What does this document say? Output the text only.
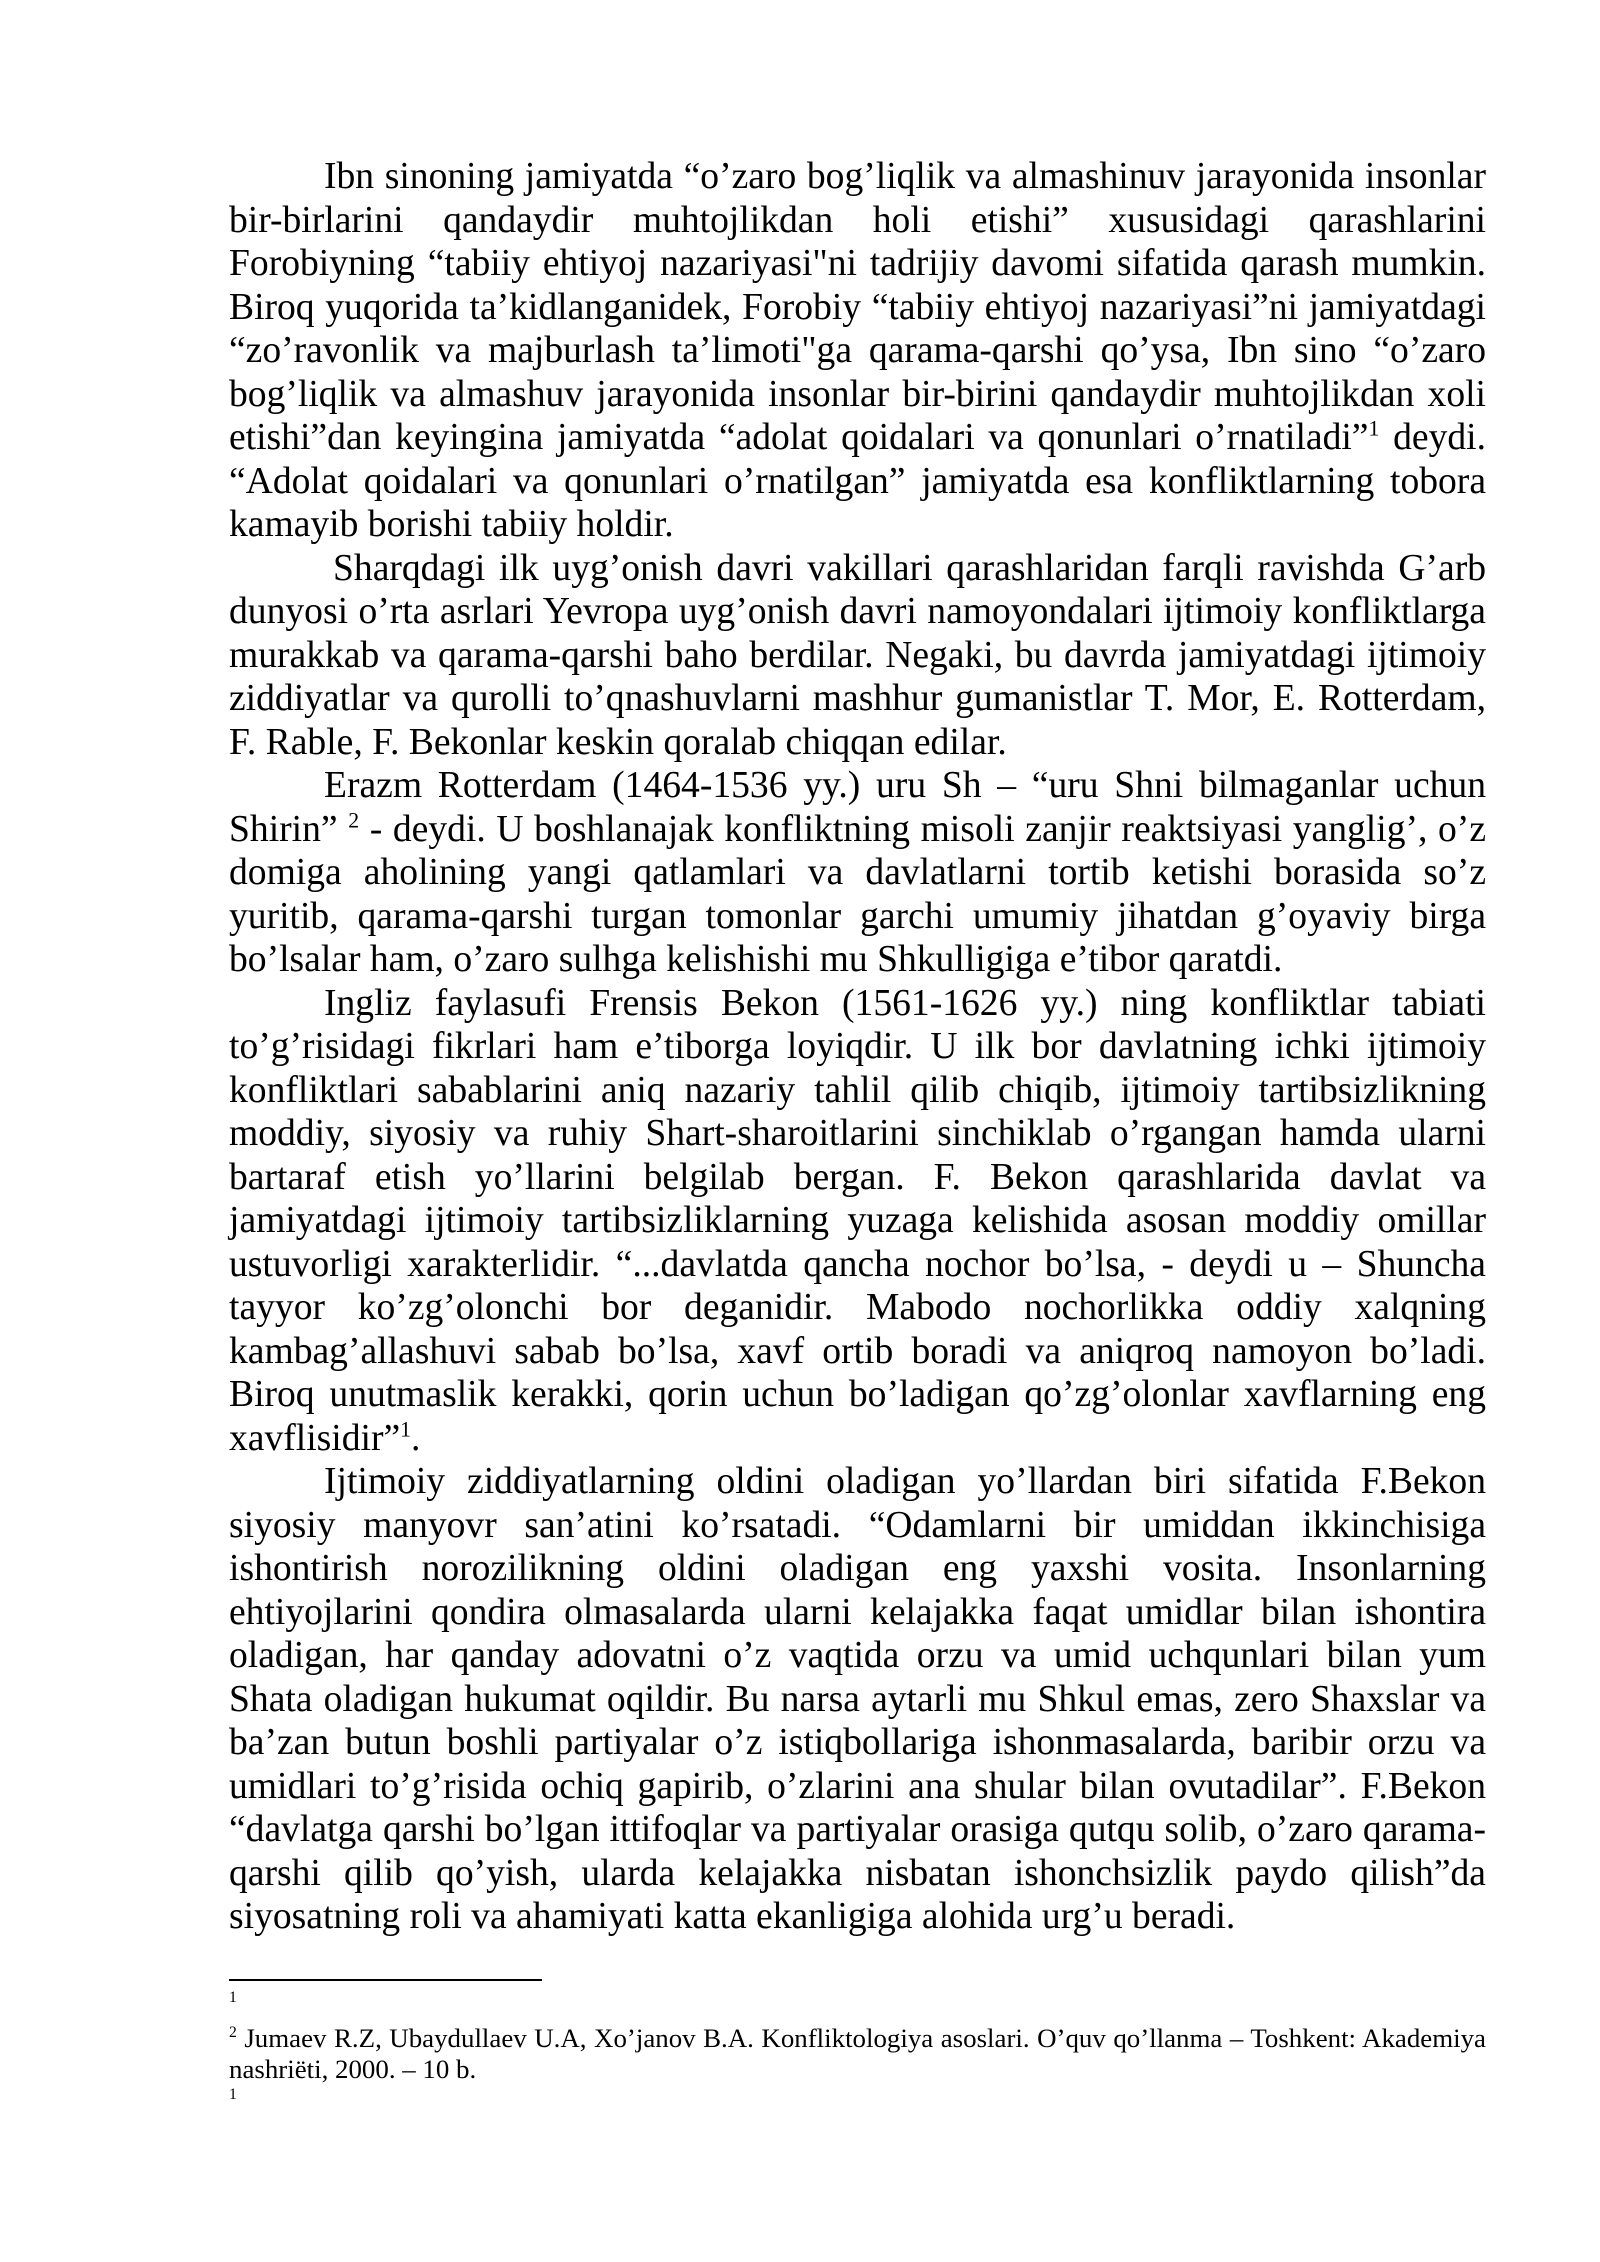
Ibn sinoning jamiyatda “o’zaro bog’liqlik va almashinuv jarayonida insonlar bir-birlarini qandaydir muhtojlikdan holi etishi” xususidagi qarashlarini Forobiyning “tabiiy ehtiyoj nazariyasi"ni tadrijiy davomi sifatida qarash mumkin. Biroq yuqorida ta’kidlanganidek, Forobiy “tabiiy ehtiyoj nazariyasi”ni jamiyatdagi “zo’ravonlik va majburlash ta’limoti"ga qarama-qarshi qo’ysa, Ibn sino “o’zaro bog’liqlik va almashuv jarayonida insonlar bir-birini qandaydir muhtojlikdan xoli etishi”dan keyingina jamiyatda “adolat qoidalari va qonunlari o’rnatiladi”$^1$ deydi. “Adolat qoidalari va qonunlari o’rnatilgan” jamiyatda esa konfliktlarning tobora kamayib borishi tabiiy holdir.

Sharqdagi ilk uyg’onish davri vakillari qarashlaridan farqli ravishda G’arb dunyosi o’rta asrlari Yevropa uyg’onish davri namoyondalari ijtimoiy konfliktlarga murakkab va qarama-qarshi baho berdilar. Negaki, bu davrda jamiyatdagi ijtimoiy ziddiyatlar va qurolli to’qnashuvlarni mashhur gumanistlar T. Mor, E. Rotterdam, F. Rable, F. Bekonlar keskin qoralab chiqqan edilar.

Erazm Rotterdam (1464-1536 yy.) uru Sh – “uru Shni bilmaganlar uchun Shirin” $^2$ - deydi. U boshlanajak konfliktning misoli zanjir reaktsiyasi yanglig’, o’z domiga aholining yangi qatlamlari va davlatlarni tortib ketishi borasida so’z yuritib, qarama-qarshi turgan tomonlar garchi umumiy jihatdan g’oyaviy birga bo’lsalar ham, o’zaro sulhga kelishishi mu Shkulligiga e’tibor qaratdi.

Ingliz faylasufi Frensis Bekon (1561-1626 yy.) ning konfliktlar tabiati to’g’risidagi fikrlari ham e’tiborga loyiqdir. U ilk bor davlatning ichki ijtimoiy konfliktlari sabablarini aniq nazariy tahlil qilib chiqib, ijtimoiy tartibsizlikning moddiy, siyosiy va ruhiy Shart-sharoitlarini sinchiklab o’rgangan hamda ularni bartaraf etish yo’llarini belgilab bergan. F. Bekon qarashlarida davlat va jamiyatdagi ijtimoiy tartibsizliklarning yuzaga kelishida asosan moddiy omillar ustuvorligi xarakterlidir. “...davlatda qancha nochor bo’lsa, - deydi u – Shuncha tayyor ko’zg’olonchi bor deganidir. Mabodo nochorlikka oddiy xalqning kambag’allashuvi sabab bo’lsa, xavf ortib boradi va aniqroq namoyon bo’ladi. Biroq unutmaslik kerakki, qorin uchun bo’ladigan qo’zg’olonlar xavflarning eng xavflisidir”$^1$.

Ijtimoiy ziddiyatlarning oldini oladigan yo’llardan biri sifatida F.Bekon siyosiy manyovr san’atini ko’rsatadi. “Odamlarni bir umiddan ikkinchisiga ishontirish norozilikning oldini oladigan eng yaxshi vosita. Insonlarning ehtiyojlarini qondira olmasalarda ularni kelajakka faqat umidlar bilan ishontira oladigan, har qanday adovatni o’z vaqtida orzu va umid uchqunlari bilan yum Shata oladigan hukumat oqildir. Bu narsa aytarli mu Shkul emas, zero Shaxslar va ba’zan butun boshli partiyalar o’z istiqbollariga ishonmasalarda, baribir orzu va umidlari to’g’risida ochiq gapirib, o’zlarini ana shular bilan ovutadilar”. F.Bekon “davlatga qarshi bo’lgan ittifoqlar va partiyalar orasiga qutqu solib, o’zaro qarama-qarshi qilib qo’yish, ularda kelajakka nisbatan ishonchsizlik paydo qilish”da siyosatning roli va ahamiyati katta ekanligiga alohida urg’u beradi.

$^1$
$^2$ Jumaev R.Z, Ubaydullaev U.A, Xo’janov B.A. Konfliktologiya asoslari. O’quv qo’llanma – Toshkent: Akademiya nashriëti, 2000. – 10 b.
$^1$
